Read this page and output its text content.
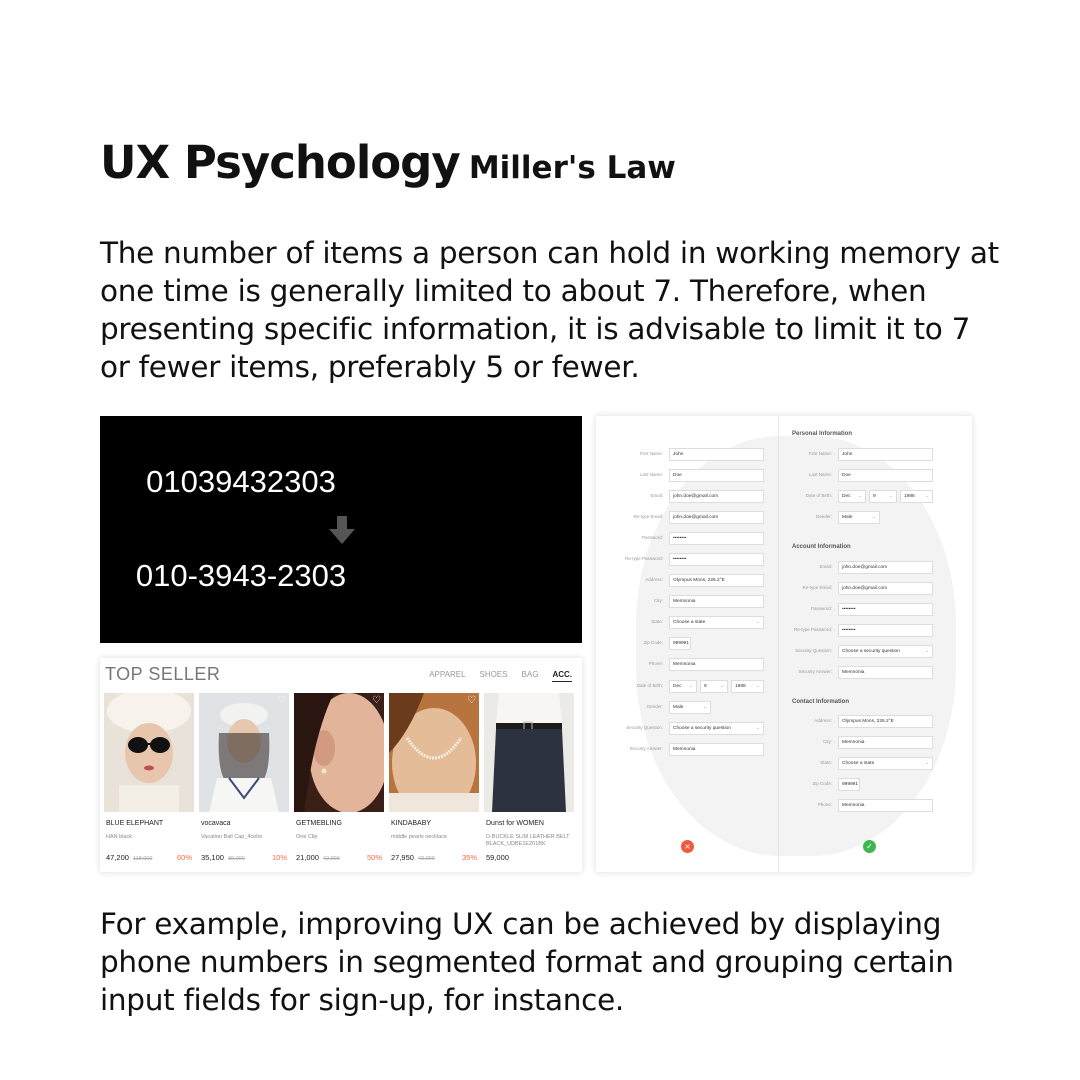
UX Psychology Miller's Law
The number of items a person can hold in working memory at one time is generally limited to about 7. Therefore, when presenting specific information, it is advisable to limit it to 7 or fewer items, preferably 5 or fewer.
01039432303
010-3943-2303
TOP SELLER	APPAREL SHOES BAG ACC.
BLUE ELEPHANT
HAN black
47,200 118,000	60%
♡
vocavaca
Vacation Ball Cap_4color
35,100 39,000	10%
♡
GETMEBLING
One Clip
21,000 42,000	50%
♡
KINDABABY
middle pearls necklace
27,950 43,000	35%
Dunst for WOMEN
D-BUCKLE SLIM LEATHER BELT BLACK_UDBE1E201BK
59,000
First Name:	John
Last Name:	Doe
Email:	john.doe@gmail.com
Re-type Email:	john.doe@gmail.com
Password:	••••••••
Re-type Password:	••••••••
Address:	Olympus Mons, 226.2°E
City:	Memnonia
State:	Choose a state	⌄
Zip Code:	999991
Phone:	Memnonia
Date of Birth:	Dec ⌄	9	⌄	1988 ⌄
Gender:	Male	⌄
Security Question:	Choose a security question	⌄
Security Answer:	Memnonia
Personal Information
First Name:	John
Last Name:	Doe
Date of Birth:	Dec ⌄	9	⌄	1988 ⌄
Gender:	Male	⌄
Account Information
Email:	john.doe@gmail.com
Re-type Email:	john.doe@gmail.com
Password:	••••••••
Re-type Password:	••••••••
Security Question:	Choose a security question	⌄
Security Answer:	Memnonia
Contact Information
Address:	Olympus Mons, 226.2°E
City:	Memnonia
State:	Choose a state	⌄
Zip Code:	999991
Phone:	Memnonia
×	✓
For example, improving UX can be achieved by displaying phone numbers in segmented format and grouping certain input fields for sign-up, for instance.
